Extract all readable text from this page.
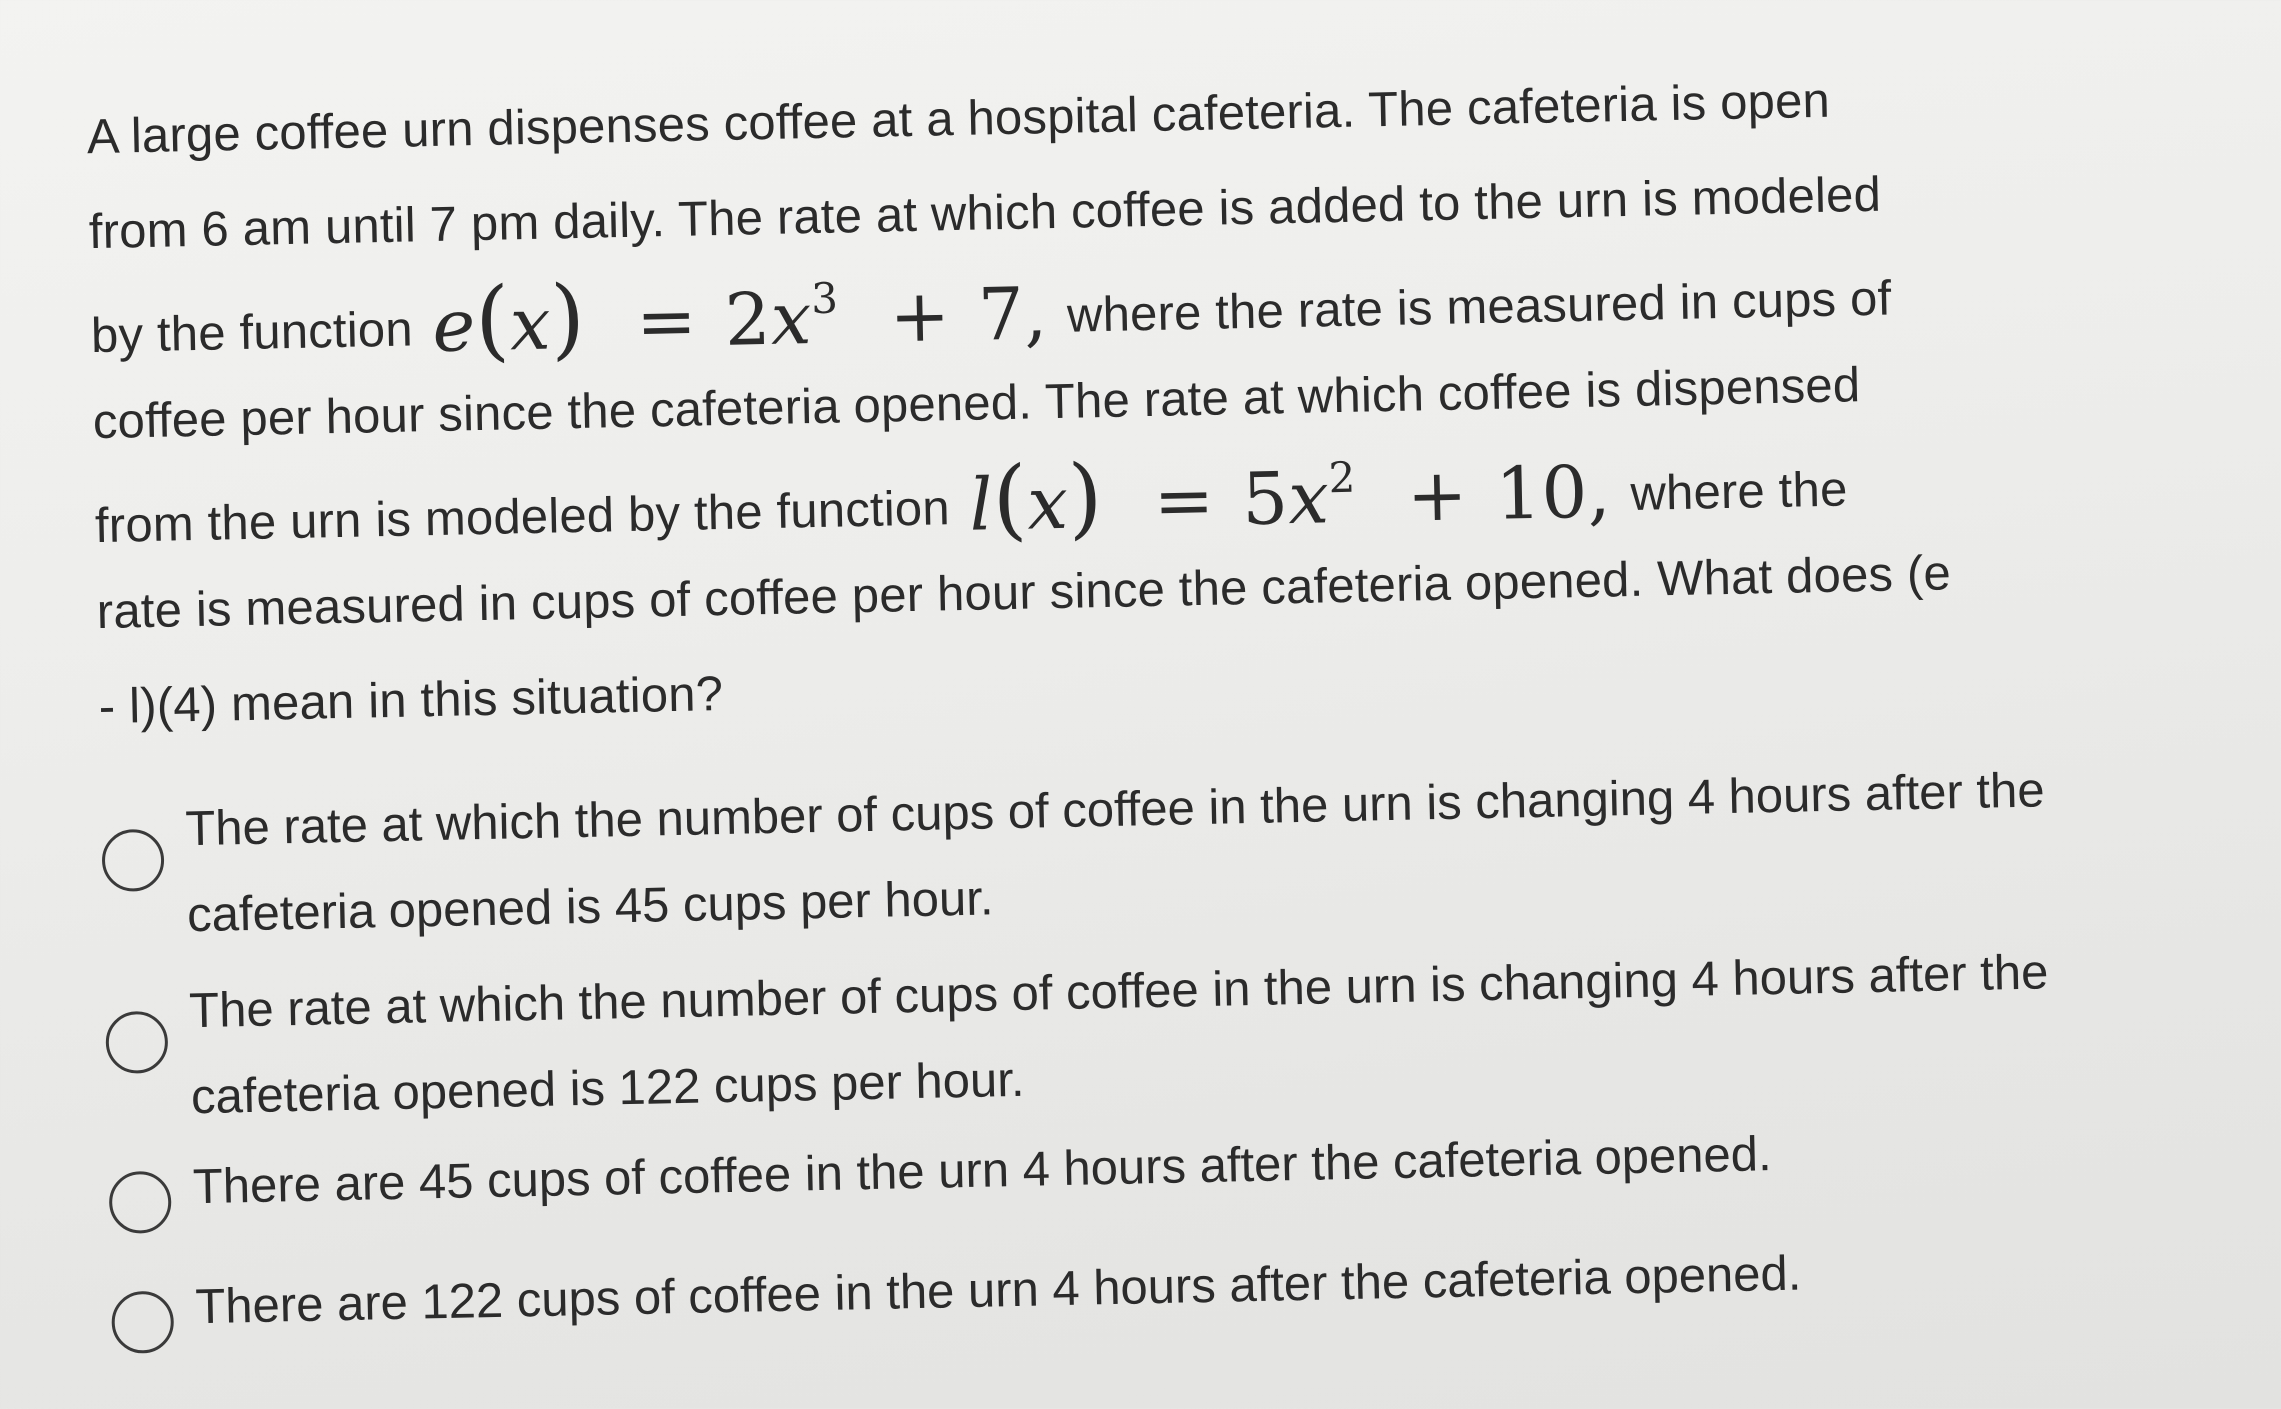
A large coffee urn dispenses coffee at a hospital cafeteria. The cafeteria is open
from 6 am until 7 pm daily. The rate at which coffee is added to the urn is modeled
by the function $e(x) = 2x^3 + 7$, where the rate is measured in cups of
coffee per hour since the cafeteria opened. The rate at which coffee is dispensed
from the urn is modeled by the function $l(x) = 5x^2 + 10$, where the
rate is measured in cups of coffee per hour since the cafeteria opened. What does (e
- l)(4) mean in this situation?
The rate at which the number of cups of coffee in the urn is changing 4 hours after the cafeteria opened is 45 cups per hour.
The rate at which the number of cups of coffee in the urn is changing 4 hours after the cafeteria opened is 122 cups per hour.
There are 45 cups of coffee in the urn 4 hours after the cafeteria opened.
There are 122 cups of coffee in the urn 4 hours after the cafeteria opened.
